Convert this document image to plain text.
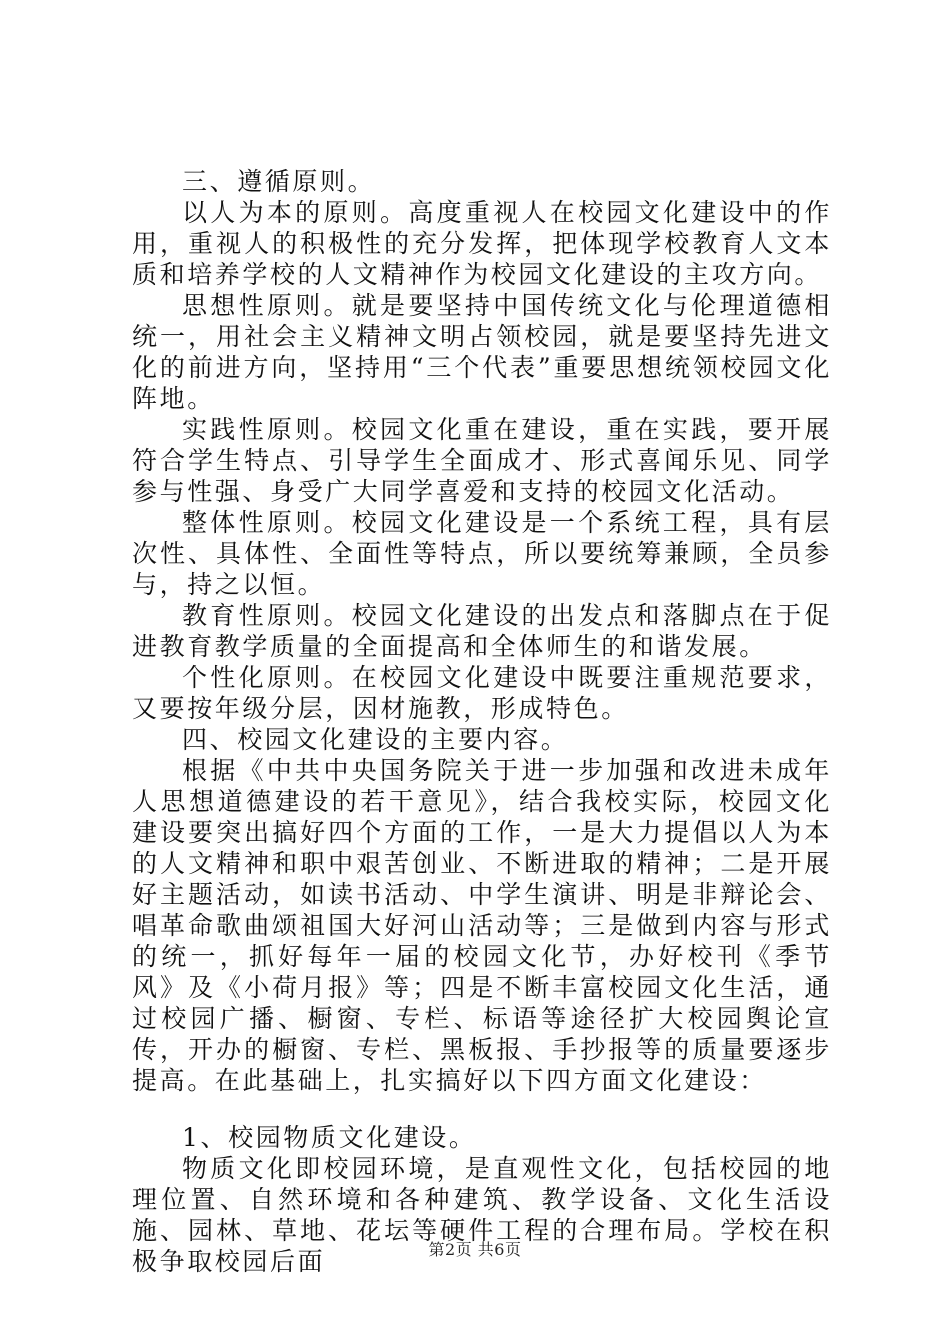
三、遵循原则。

以人为本的原则。高度重视人在校园文化建设中的作用，重视人的积极性的充分发挥，把体现学校教育人文本质和培养学校的人文精神作为校园文化建设的主攻方向。

思想性原则。就是要坚持中国传统文化与伦理道德相统一，用社会主义精神文明占领校园，就是要坚持先进文化的前进方向，坚持用“三个代表”重要思想统领校园文化阵地。

实践性原则。校园文化重在建设，重在实践，要开展符合学生特点、引导学生全面成才、形式喜闻乐见、同学参与性强、身受广大同学喜爱和支持的校园文化活动。

整体性原则。校园文化建设是一个系统工程，具有层次性、具体性、全面性等特点，所以要统筹兼顾，全员参与，持之以恒。

教育性原则。校园文化建设的出发点和落脚点在于促进教育教学质量的全面提高和全体师生的和谐发展。

个性化原则。在校园文化建设中既要注重规范要求，又要按年级分层，因材施教，形成特色。

四、校园文化建设的主要内容。

根据《中共中央国务院关于进一步加强和改进未成年人思想道德建设的若干意见》，结合我校实际，校园文化建设要突出搞好四个方面的工作，一是大力提倡以人为本的人文精神和职中艰苦创业、不断进取的精神；二是开展好主题活动，如读书活动、中学生演讲、明是非辩论会、唱革命歌曲颂祖国大好河山活动等；三是做到内容与形式的统一，抓好每年一届的校园文化节，办好校刊《季节风》及《小荷月报》等；四是不断丰富校园文化生活，通过校园广播、橱窗、专栏、标语等途径扩大校园舆论宣传，开办的橱窗、专栏、黑板报、手抄报等的质量要逐步提高。在此基础上，扎实搞好以下四方面文化建设：

1、校园物质文化建设。

物质文化即校园环境，是直观性文化，包括校园的地理位置、自然环境和各种建筑、教学设备、文化生活设施、园林、草地、花坛等硬件工程的合理布局。学校在积极争取校园后面	第2页 共6页
